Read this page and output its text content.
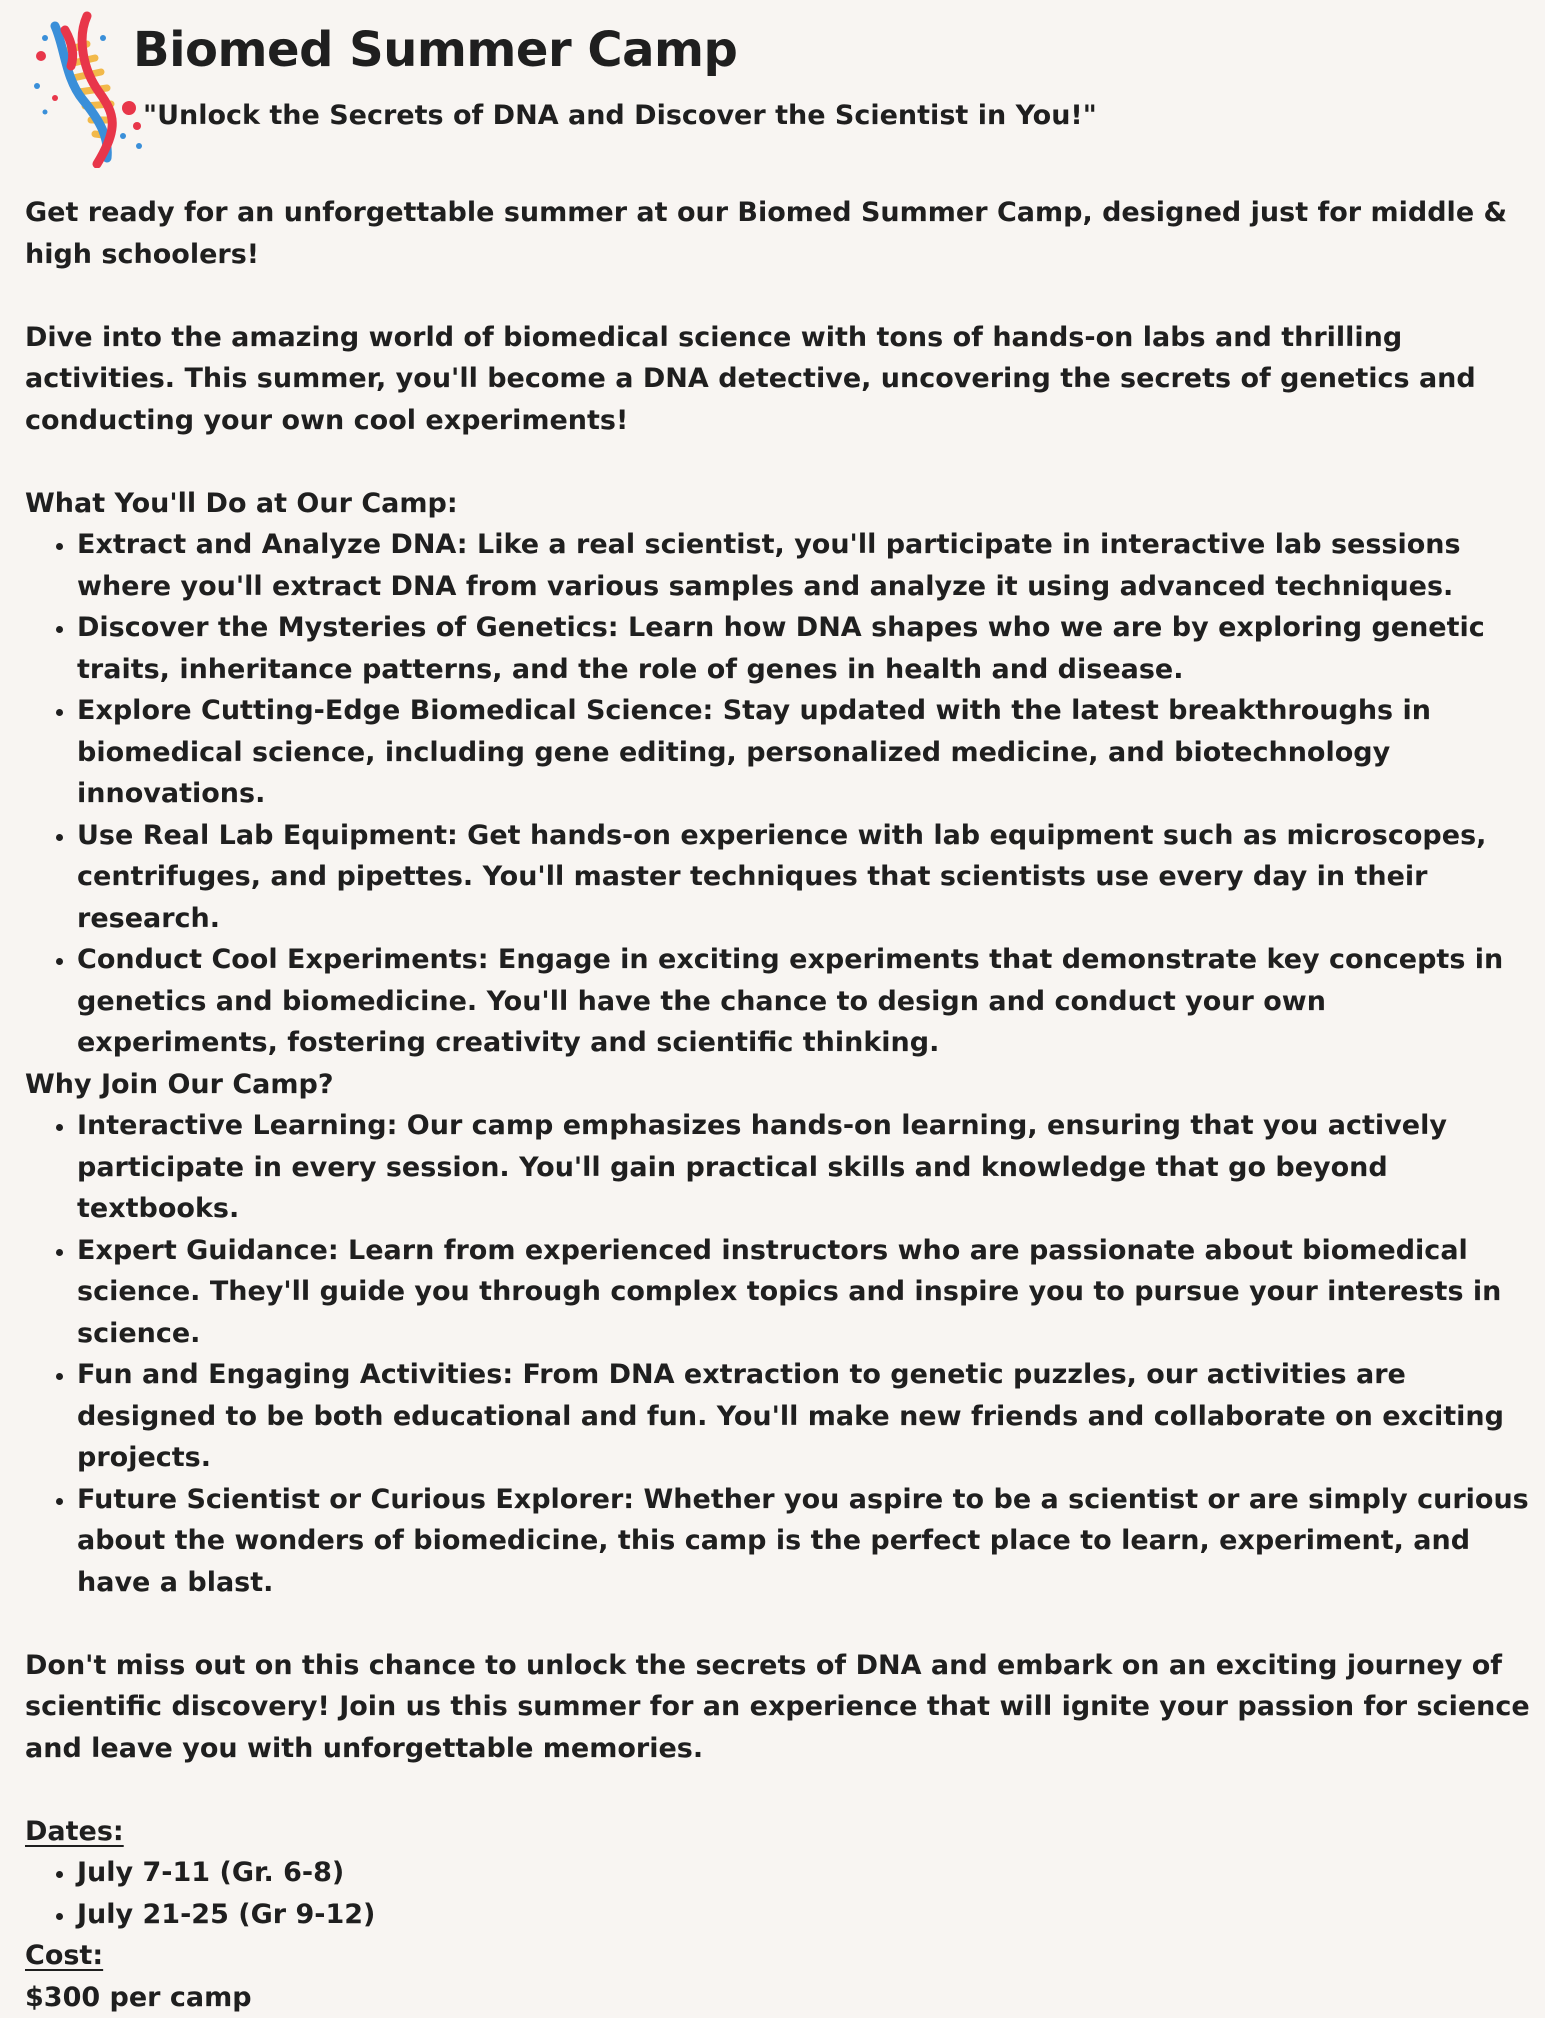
Biomed Summer Camp

"Unlock the Secrets of DNA and Discover the Scientist in You!"

Get ready for an unforgettable summer at our Biomed Summer Camp, designed just for middle & high schoolers!

Dive into the amazing world of biomedical science with tons of hands-on labs and thrilling activities. This summer, you'll become a DNA detective, uncovering the secrets of genetics and conducting your own cool experiments!

What You'll Do at Our Camp:

• Extract and Analyze DNA: Like a real scientist, you'll participate in interactive lab sessions where you'll extract DNA from various samples and analyze it using advanced techniques.
• Discover the Mysteries of Genetics: Learn how DNA shapes who we are by exploring genetic traits, inheritance patterns, and the role of genes in health and disease.
• Explore Cutting-Edge Biomedical Science: Stay updated with the latest breakthroughs in biomedical science, including gene editing, personalized medicine, and biotechnology innovations.
• Use Real Lab Equipment: Get hands-on experience with lab equipment such as microscopes, centrifuges, and pipettes. You'll master techniques that scientists use every day in their research.
• Conduct Cool Experiments: Engage in exciting experiments that demonstrate key concepts in genetics and biomedicine. You'll have the chance to design and conduct your own experiments, fostering creativity and scientific thinking.

Why Join Our Camp?

• Interactive Learning: Our camp emphasizes hands-on learning, ensuring that you actively participate in every session. You'll gain practical skills and knowledge that go beyond textbooks.
• Expert Guidance: Learn from experienced instructors who are passionate about biomedical science. They'll guide you through complex topics and inspire you to pursue your interests in science.
• Fun and Engaging Activities: From DNA extraction to genetic puzzles, our activities are designed to be both educational and fun. You'll make new friends and collaborate on exciting projects.
• Future Scientist or Curious Explorer: Whether you aspire to be a scientist or are simply curious about the wonders of biomedicine, this camp is the perfect place to learn, experiment, and have a blast.

Don't miss out on this chance to unlock the secrets of DNA and embark on an exciting journey of scientific discovery! Join us this summer for an experience that will ignite your passion for science and leave you with unforgettable memories.

Dates:

• July 7-11 (Gr. 6-8)
• July 21-25 (Gr 9-12)

Cost:

$300 per camp
